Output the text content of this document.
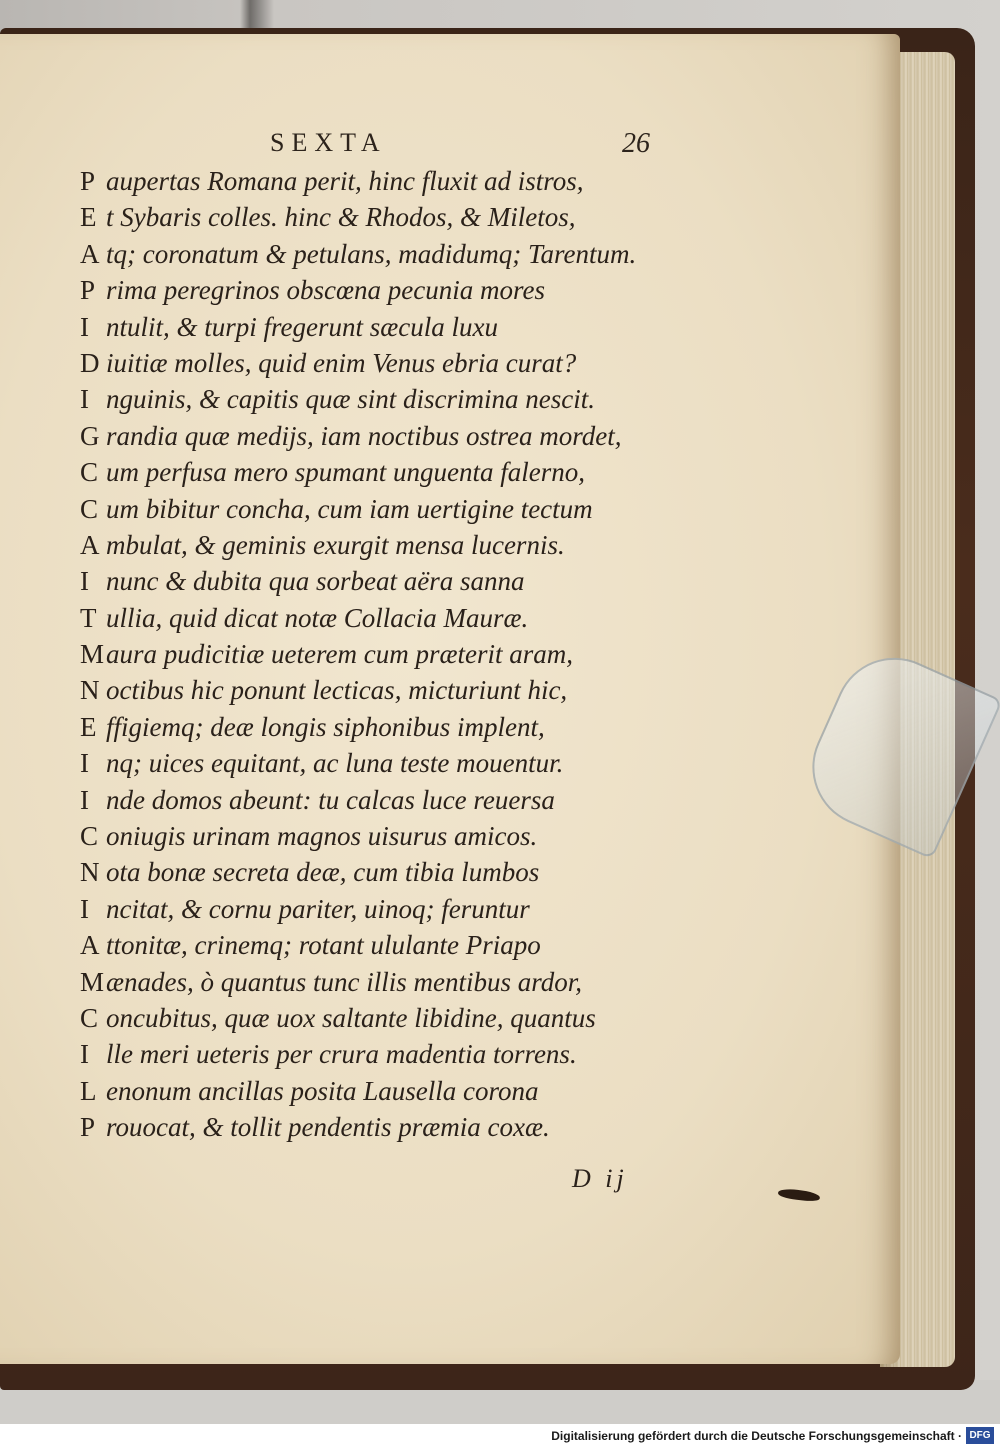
SEXTA	26
P aupertas Romana perit, hinc fluxit ad istros,
E t Sybaris colles. hinc & Rhodos, & Miletos,
A tq; coronatum & petulans, madidumq; Tarentum.
P rima peregrinos obscœna pecunia mores
I ntulit, & turpi fregerunt sæcula luxu
D iuitiæ molles, quid enim Venus ebria curat?
I nguinis, & capitis quæ sint discrimina nescit.
G randia quæ medijs, iam noctibus ostrea mordet,
C um perfusa mero spumant unguenta falerno,
C um bibitur concha, cum iam uertigine tectum
A mbulat, & geminis exurgit mensa lucernis.
I nunc & dubita qua sorbeat aëra sanna
T ullia, quid dicat notæ Collacia Mauræ.
Maura pudicitiæ ueterem cum præterit aram,
N octibus hic ponunt lecticas, micturiunt hic,
E ffigiemq; deæ longis siphonibus implent,
I nq; uices equitant, ac luna teste mouentur.
I nde domos abeunt: tu calcas luce reuersa
C oniugis urinam magnos uisurus amicos.
N ota bonæ secreta deæ, cum tibia lumbos
I ncitat, & cornu pariter, uinoq; feruntur
A ttonitæ, crinemq; rotant ululante Priapo
Mænades, ò quantus tunc illis mentibus ardor,
C oncubitus, quæ uox saltante libidine, quantus
I lle meri ueteris per crura madentia torrens.
L enonum ancillas posita Lausella corona
P rouocat, & tollit pendentis præmia coxæ.
D ij
Digitalisierung gefördert durch die Deutsche Forschungsgemeinschaft · DFG
